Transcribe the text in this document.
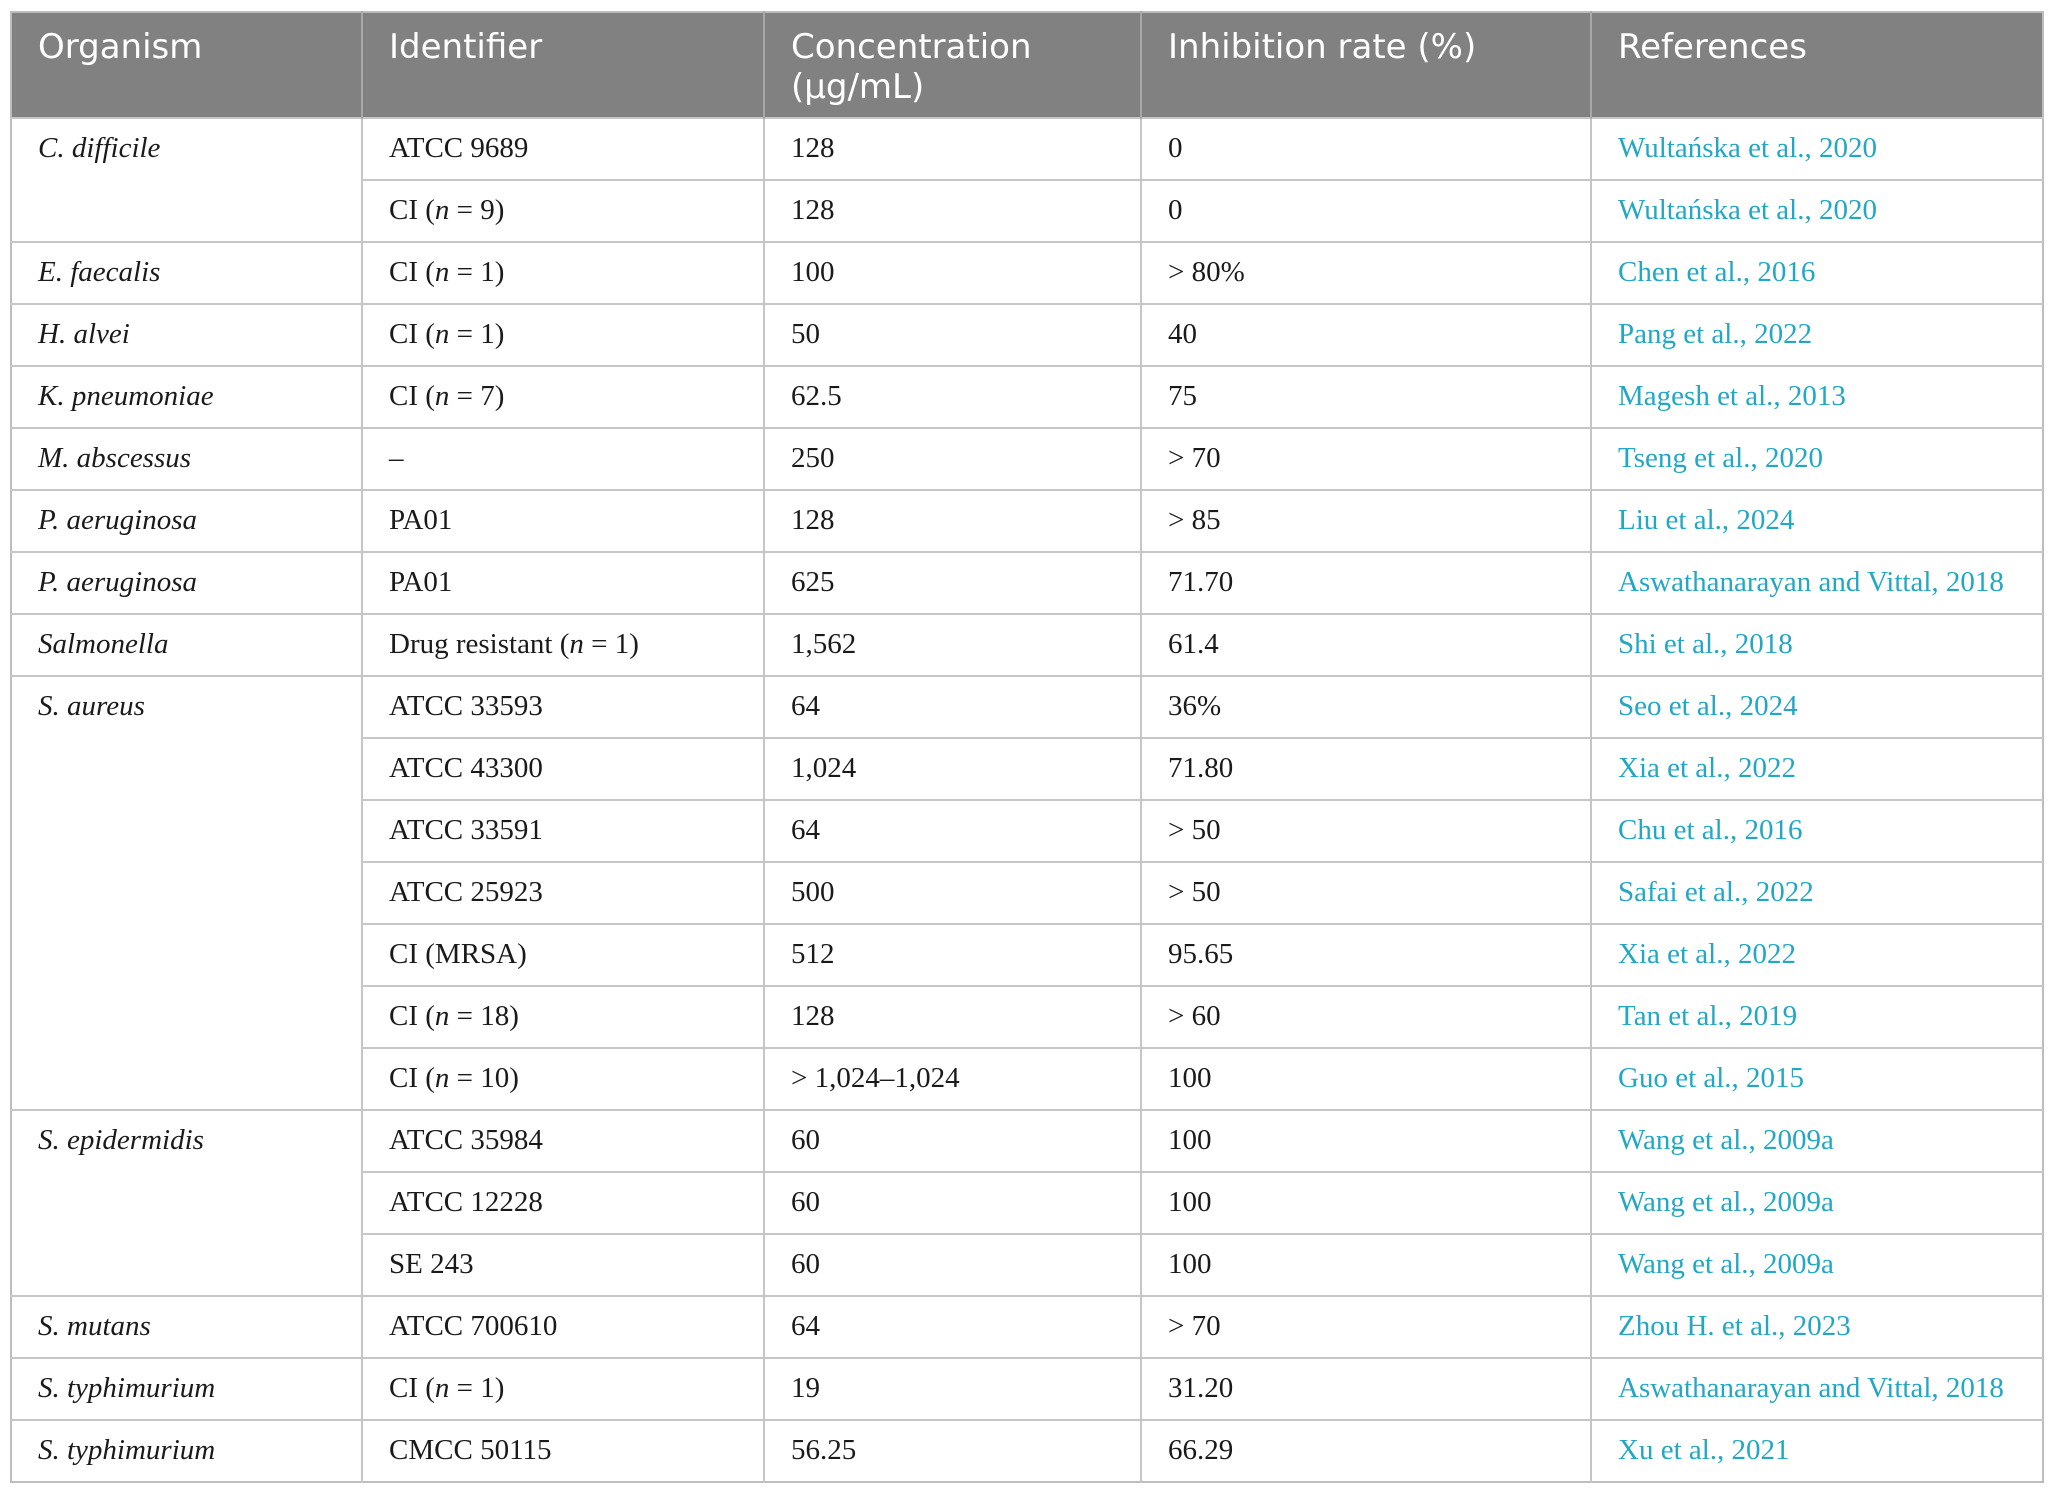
Organism	Identifier	Concentration (µg/mL)	Inhibition rate (%)	References
C. difficile	ATCC 9689	128	0	Wultańska et al., 2020
	CI (n = 9)	128	0	Wultańska et al., 2020
E. faecalis	CI (n = 1)	100	> 80%	Chen et al., 2016
H. alvei	CI (n = 1)	50	40	Pang et al., 2022
K. pneumoniae	CI (n = 7)	62.5	75	Magesh et al., 2013
M. abscessus	–	250	> 70	Tseng et al., 2020
P. aeruginosa	PA01	128	> 85	Liu et al., 2024
P. aeruginosa	PA01	625	71.70	Aswathanarayan and Vittal, 2018
Salmonella	Drug resistant (n = 1)	1,562	61.4	Shi et al., 2018
S. aureus	ATCC 33593	64	36%	Seo et al., 2024
	ATCC 43300	1,024	71.80	Xia et al., 2022
	ATCC 33591	64	> 50	Chu et al., 2016
	ATCC 25923	500	> 50	Safai et al., 2022
	CI (MRSA)	512	95.65	Xia et al., 2022
	CI (n = 18)	128	> 60	Tan et al., 2019
	CI (n = 10)	> 1,024–1,024	100	Guo et al., 2015
S. epidermidis	ATCC 35984	60	100	Wang et al., 2009a
	ATCC 12228	60	100	Wang et al., 2009a
	SE 243	60	100	Wang et al., 2009a
S. mutans	ATCC 700610	64	> 70	Zhou H. et al., 2023
S. typhimurium	CI (n = 1)	19	31.20	Aswathanarayan and Vittal, 2018
S. typhimurium	CMCC 50115	56.25	66.29	Xu et al., 2021
